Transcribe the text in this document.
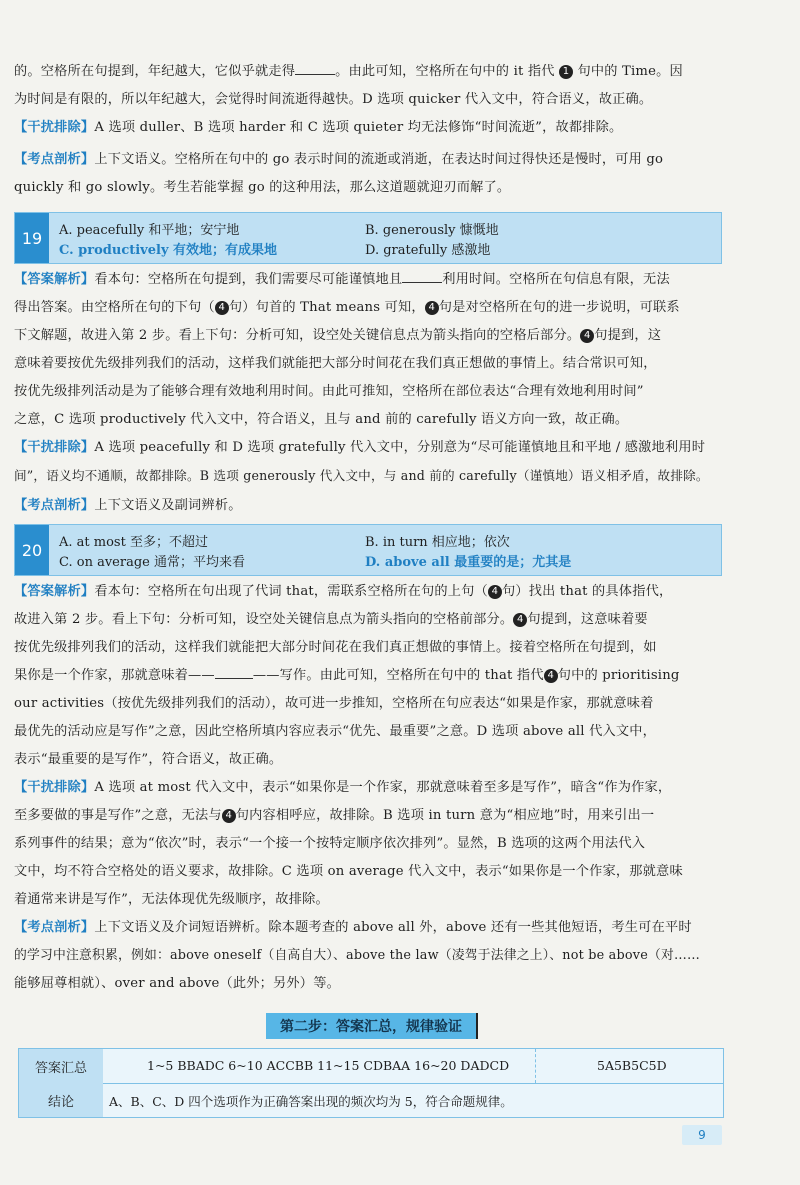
的。空格所在句提到，年纪越大，它似乎就走得	。由此可知，空格所在句中的 it 指代 1 句中的 Time。因
为时间是有限的，所以年纪越大，会觉得时间流逝得越快。D 选项 quicker 代入文中，符合语义，故正确。
【干扰排除】A 选项 duller、B 选项 harder 和 C 选项 quieter 均无法修饰“时间流逝”，故都排除。
【考点剖析】上下文语义。空格所在句中的 go 表示时间的流逝或消逝，在表达时间过得快还是慢时，可用 go
quickly 和 go slowly。考生若能掌握 go 的这种用法，那么这道题就迎刃而解了。
19	A. peacefully 和平地；安宁地	B. generously 慷慨地
C. productively 有效地；有成果地	D. gratefully 感激地
【答案解析】看本句：空格所在句提到，我们需要尽可能谨慎地且	利用时间。空格所在句信息有限，无法
得出答案。由空格所在句的下句（ 4 句）句首的 That means 可知， 4 句是对空格所在句的进一步说明，可联系
下文解题，故进入第 2 步。看上下句：分析可知，设空处关键信息点为箭头指向的空格后部分。 4 句提到，这
意味着要按优先级排列我们的活动，这样我们就能把大部分时间花在我们真正想做的事情上。结合常识可知，
按优先级排列活动是为了能够合理有效地利用时间。由此可推知，空格所在部位表达“合理有效地利用时间”
之意，C 选项 productively 代入文中，符合语义，且与 and 前的 carefully 语义方向一致，故正确。
【干扰排除】A 选项 peacefully 和 D 选项 gratefully 代入文中，分别意为“尽可能谨慎地且和平地 / 感激地利用时
间”，语义均不通顺，故都排除。B 选项 generously 代入文中，与 and 前的 carefully（谨慎地）语义相矛盾，故排除。
【考点剖析】上下文语义及副词辨析。
20	A. at most 至多；不超过	B. in turn 相应地；依次
C. on average 通常；平均来看	D. above all 最重要的是；尤其是
【答案解析】看本句：空格所在句出现了代词 that，需联系空格所在句的上句（ 4 句）找出 that 的具体指代，
故进入第 2 步。看上下句：分析可知，设空处关键信息点为箭头指向的空格前部分。 4 句提到，这意味着要
按优先级排列我们的活动，这样我们就能把大部分时间花在我们真正想做的事情上。接着空格所在句提到，如
果你是一个作家，那就意味着——	——写作。由此可知，空格所在句中的 that 指代 4 句中的 prioritising
our activities（按优先级排列我们的活动），故可进一步推知，空格所在句应表达“如果是作家，那就意味着
最优先的活动应是写作”之意，因此空格所填内容应表示“优先、最重要”之意。D 选项 above all 代入文中，
表示“最重要的是写作”，符合语义，故正确。
【干扰排除】A 选项 at most 代入文中，表示“如果你是一个作家，那就意味着至多是写作”，暗含“作为作家，
至多要做的事是写作”之意，无法与 4 句内容相呼应，故排除。B 选项 in turn 意为“相应地”时，用来引出一
系列事件的结果；意为“依次”时，表示“一个接一个按特定顺序依次排列”。显然，B 选项的这两个用法代入
文中，均不符合空格处的语义要求，故排除。C 选项 on average 代入文中，表示“如果你是一个作家，那就意味
着通常来讲是写作”，无法体现优先级顺序，故排除。
【考点剖析】上下文语义及介词短语辨析。除本题考查的 above all 外，above 还有一些其他短语，考生可在平时
的学习中注意积累，例如：above oneself（自高自大）、above the law（凌驾于法律之上）、not be above（对……
能够屈尊相就）、over and above（此外；另外）等。
第二步：答案汇总，规律验证
答案汇总	1~5 BBADC 6~10 ACCBB 11~15 CDBAA 16~20 DADCD	5A5B5C5D
结论	A、B、C、D 四个选项作为正确答案出现的频次均为 5，符合命题规律。
9
